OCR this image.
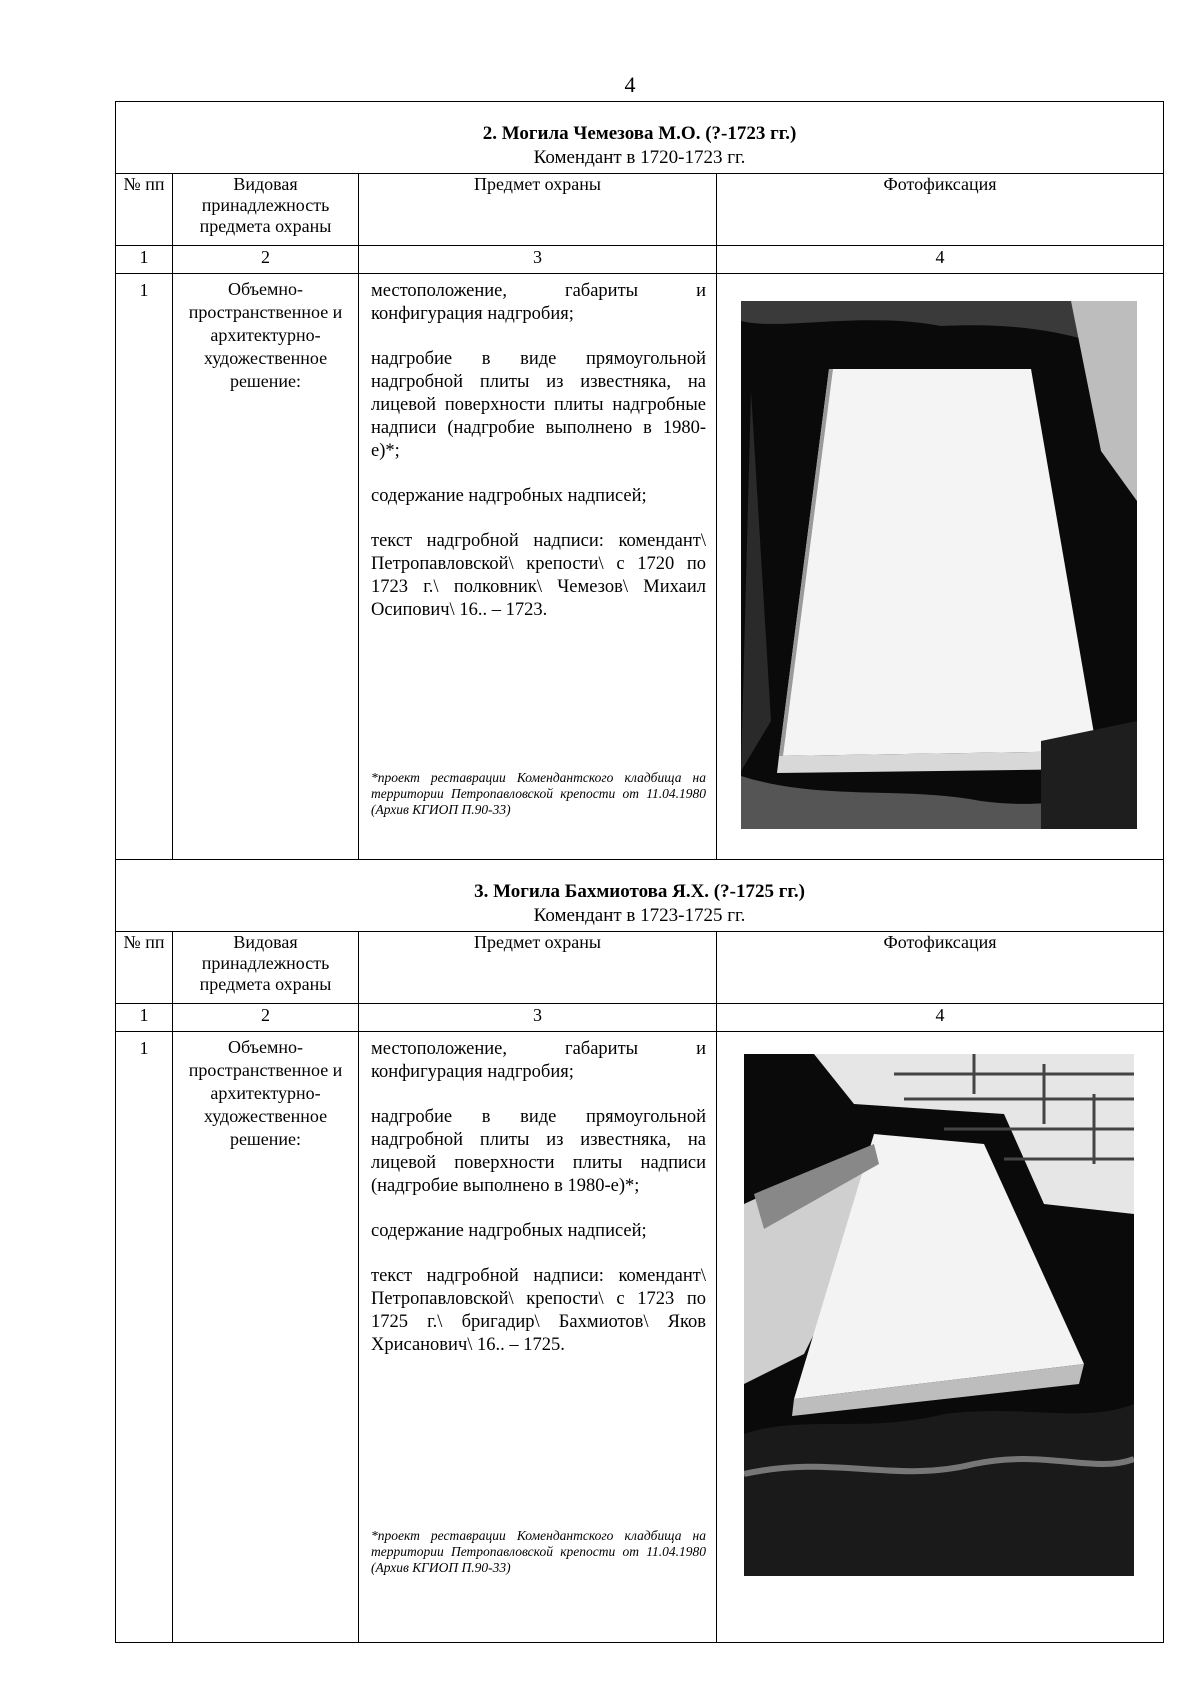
4
2. Могила Чемезова М.О. (?-1723 гг.)
Комендант в 1720-1723 гг.			

№ пп	Видовая принадлежность предмета охраны	Предмет охраны	Фотофиксация
1	2	3	4
1	Объемно-пространственное и архитектурно-художественное решение:	местоположение, габариты и конфигурация надгробия;

надгробие в виде прямоугольной надгробной плиты из известняка, на лицевой поверхности плиты надгробные надписи (надгробие выполнено в 1980-е)*;

содержание надгробных надписей;

текст надгробной надписи: комендант\ Петропавловской\ крепости\ с 1720 по 1723 г.\ полковник\ Чемезов\ Михаил Осипович\ 16.. – 1723.

*проект реставрации Комендантского кладбища на территории Петропавловской крепости от 11.04.1980 (Архив КГИОП П.90-33)	

3. Могила Бахмиотова Я.Х. (?-1725 гг.)
Комендант в 1723-1725 гг.			

№ пп	Видовая принадлежность предмета охраны	Предмет охраны	Фотофиксация
1	2	3	4
1	Объемно-пространственное и архитектурно-художественное решение:	местоположение, габариты и конфигурация надгробия;

надгробие в виде прямоугольной надгробной плиты из известняка, на лицевой поверхности плиты надписи (надгробие выполнено в 1980-е)*;

содержание надгробных надписей;

текст надгробной надписи: комендант\ Петропавловской\ крепости\ с 1723 по 1725 г.\ бригадир\ Бахмиотов\ Яков Хрисанович\ 16.. – 1725.

*проект реставрации Комендантского кладбища на территории Петропавловской крепости от 11.04.1980 (Архив КГИОП П.90-33)	
